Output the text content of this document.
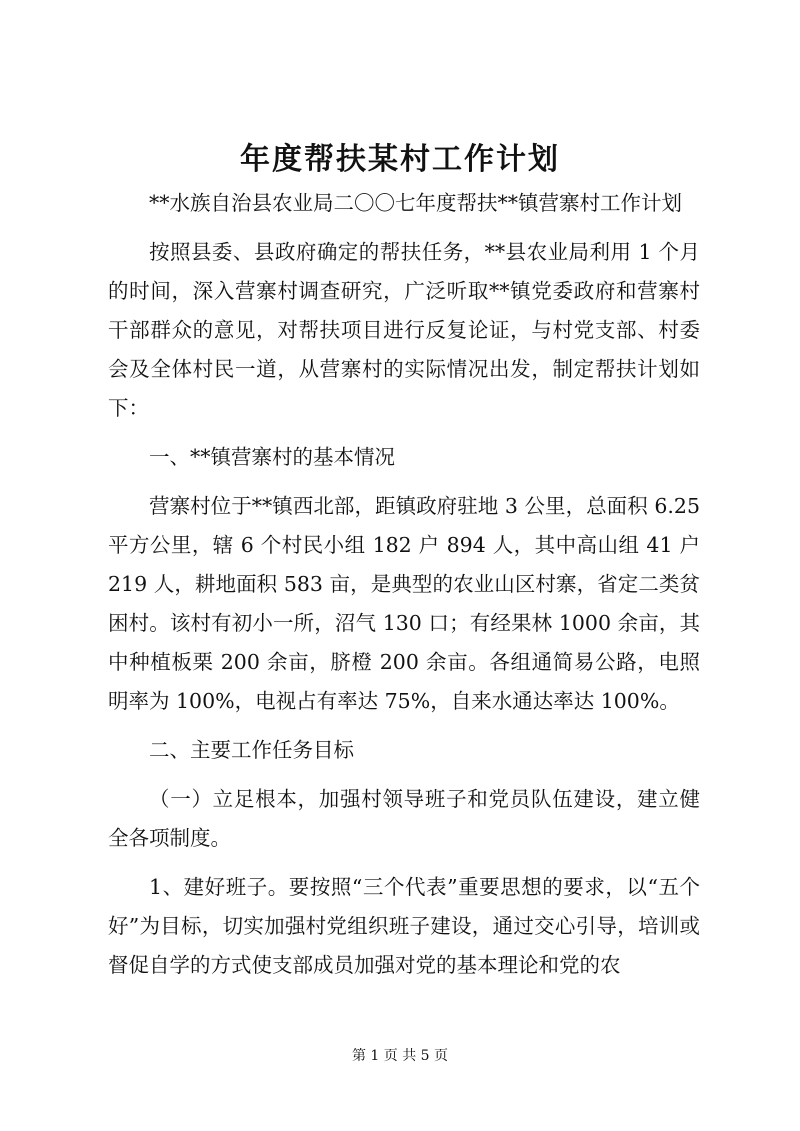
年度帮扶某村工作计划

**水族自治县农业局二〇〇七年度帮扶**镇营寨村工作计划

按照县委、县政府确定的帮扶任务，**县农业局利用 1 个月的时间，深入营寨村调查研究，广泛听取**镇党委政府和营寨村干部群众的意见，对帮扶项目进行反复论证，与村党支部、村委会及全体村民一道，从营寨村的实际情况出发，制定帮扶计划如下：

一、**镇营寨村的基本情况

营寨村位于**镇西北部，距镇政府驻地 3 公里，总面积 6.25 平方公里，辖 6 个村民小组 182 户 894 人，其中高山组 41 户 219 人，耕地面积 583 亩，是典型的农业山区村寨，省定二类贫困村。该村有初小一所，沼气 130 口；有经果林 1000 余亩，其中种植板栗 200 余亩，脐橙 200 余亩。各组通简易公路，电照明率为 100%，电视占有率达 75%，自来水通达率达 100%。

二、主要工作任务目标

（一）立足根本，加强村领导班子和党员队伍建设，建立健全各项制度。

1、建好班子。要按照“三个代表”重要思想的要求，以“五个好”为目标，切实加强村党组织班子建设，通过交心引导，培训或督促自学的方式使支部成员加强对党的基本理论和党的农

第 1 页 共 5 页
